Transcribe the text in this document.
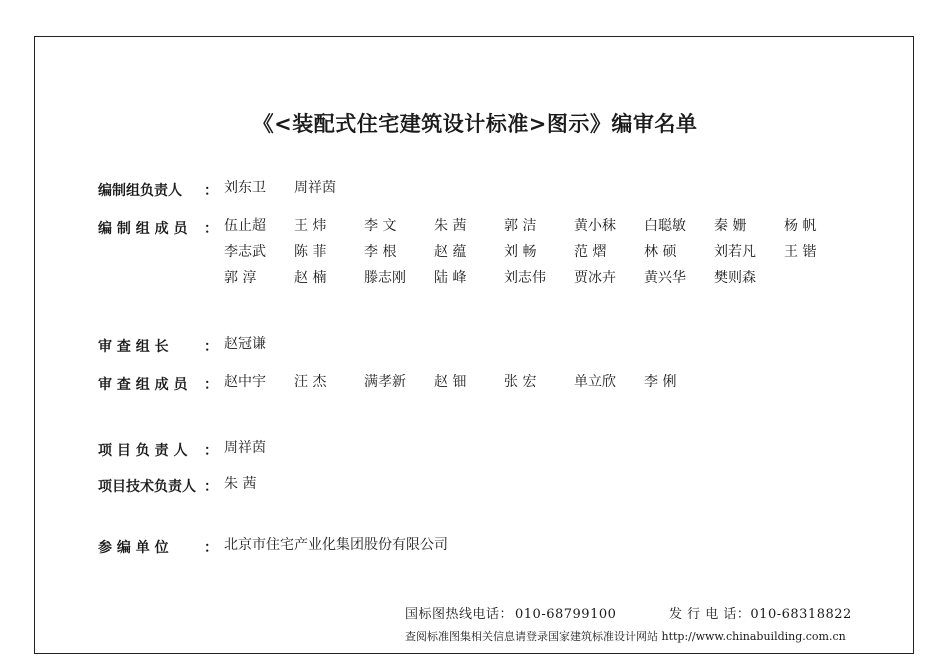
《<装配式住宅建筑设计标准>图示》编审名单
编制组负责人	： 刘东卫	周祥茵
编 制 组 成 员	： 伍止超	王 炜	李 文	朱 茜	郭 洁	黄小秣	白聪敏	秦 姗	杨 帆
李志武	陈 菲	李 根	赵 蕴	刘 畅	范 熠	林 硕	刘若凡	王 锴
郭 淳	赵 楠	滕志刚	陆 峰	刘志伟	贾冰卉	黄兴华	樊则森
审 查 组 长	： 赵冠谦
审 查 组 成 员	： 赵中宇	汪 杰	满孝新	赵 钿	张 宏	单立欣	李 俐
项 目 负 责 人	： 周祥茵
项目技术负责人 ： 朱 茜
参 编 单 位	： 北京市住宅产业化集团股份有限公司
国标图热线电话： 010-68799100	发 行 电 话：010-68318822
查阅标准图集相关信息请登录国家建筑标准设计网站 http://www.chinabuilding.com.cn
